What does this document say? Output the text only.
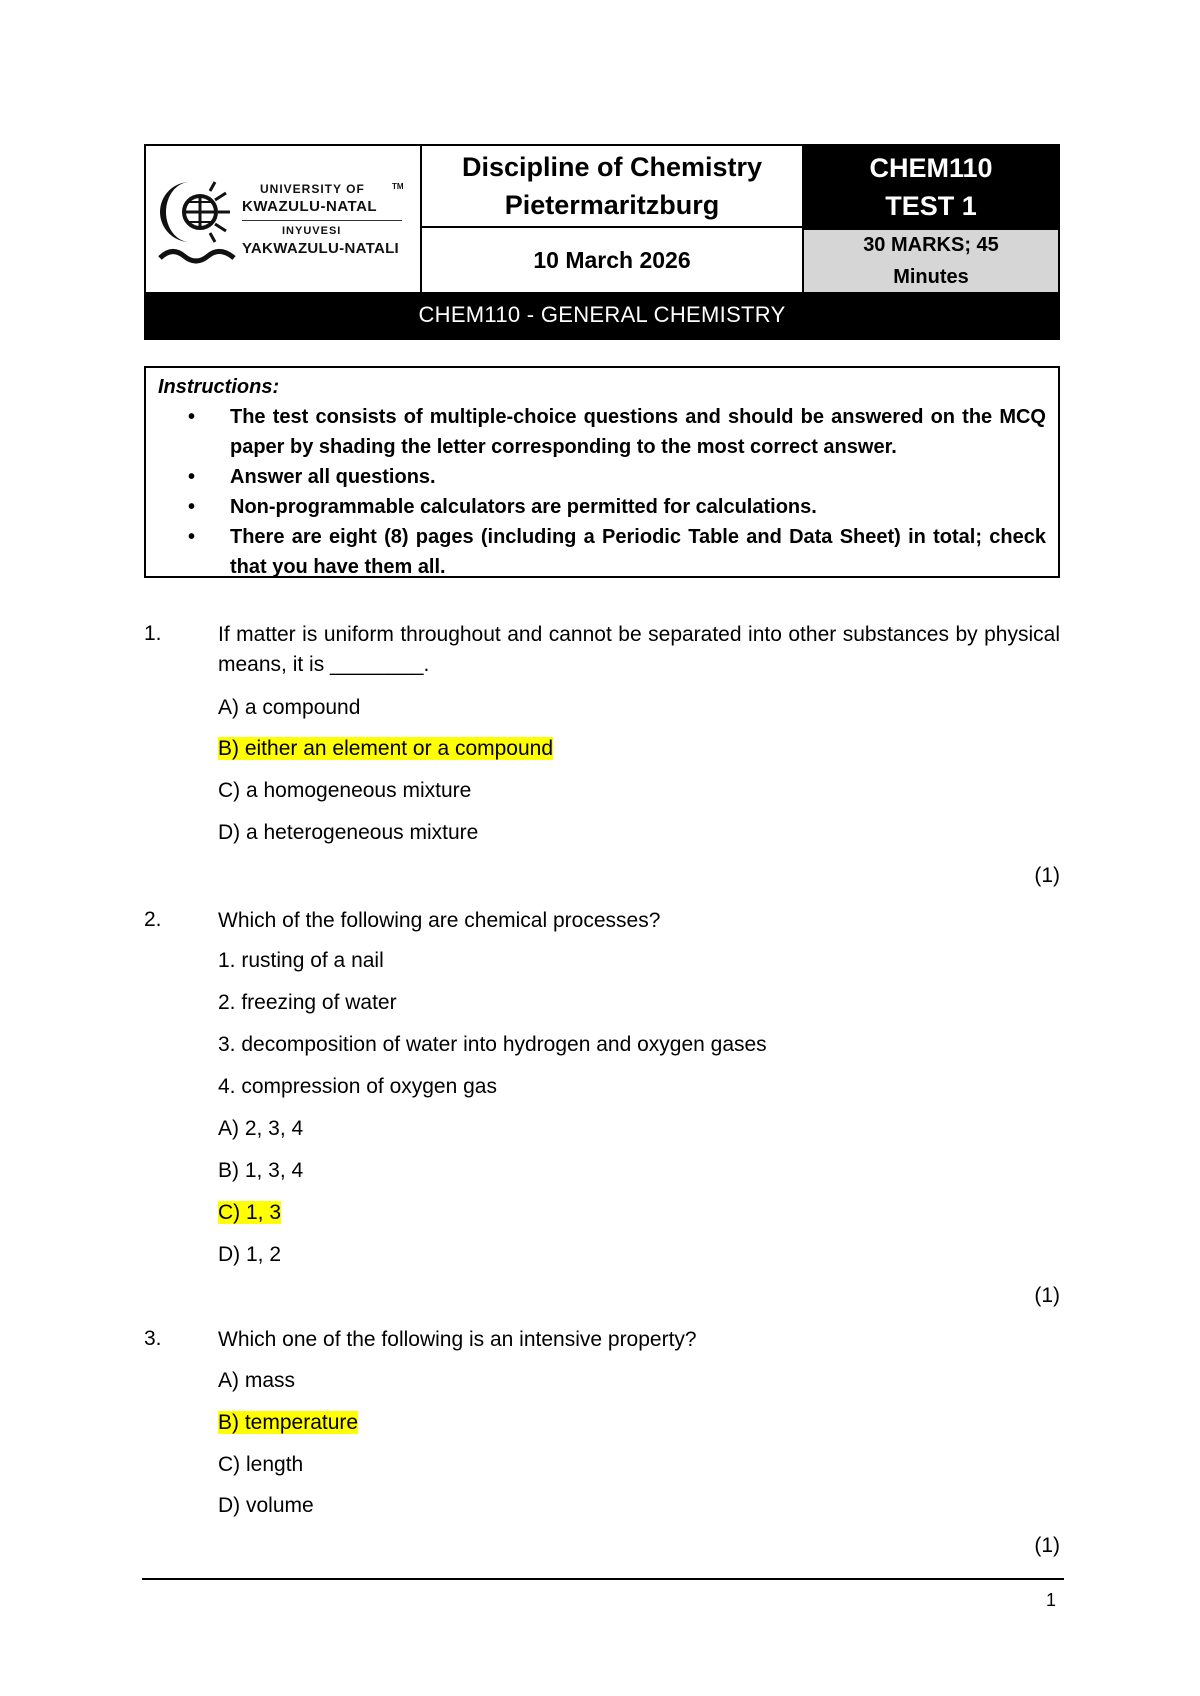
TM
UNIVERSITY OF
KWAZULU-NATAL
INYUVESI
YAKWAZULU-NATALI
Discipline of Chemistry
Pietermaritzburg
10 March 2026
CHEM110
TEST 1
30 MARKS; 45
Minutes
CHEM110 - GENERAL CHEMISTRY
Instructions:
• The test consists of multiple-choice questions and should be answered on the MCQ paper by shading the letter corresponding to the most correct answer.
• Answer all questions.
• Non-programmable calculators are permitted for calculations.
• There are eight (8) pages (including a Periodic Table and Data Sheet) in total; check that you have them all.
1.	If matter is uniform throughout and cannot be separated into other substances by physical means, it is ________.
A) a compound
B) either an element or a compound
C) a homogeneous mixture
D) a heterogeneous mixture
(1)
2.	Which of the following are chemical processes?
1. rusting of a nail
2. freezing of water
3. decomposition of water into hydrogen and oxygen gases
4. compression of oxygen gas
A) 2, 3, 4
B) 1, 3, 4
C) 1, 3
D) 1, 2
(1)
3.	Which one of the following is an intensive property?
A) mass
B) temperature
C) length
D) volume
(1)
1
